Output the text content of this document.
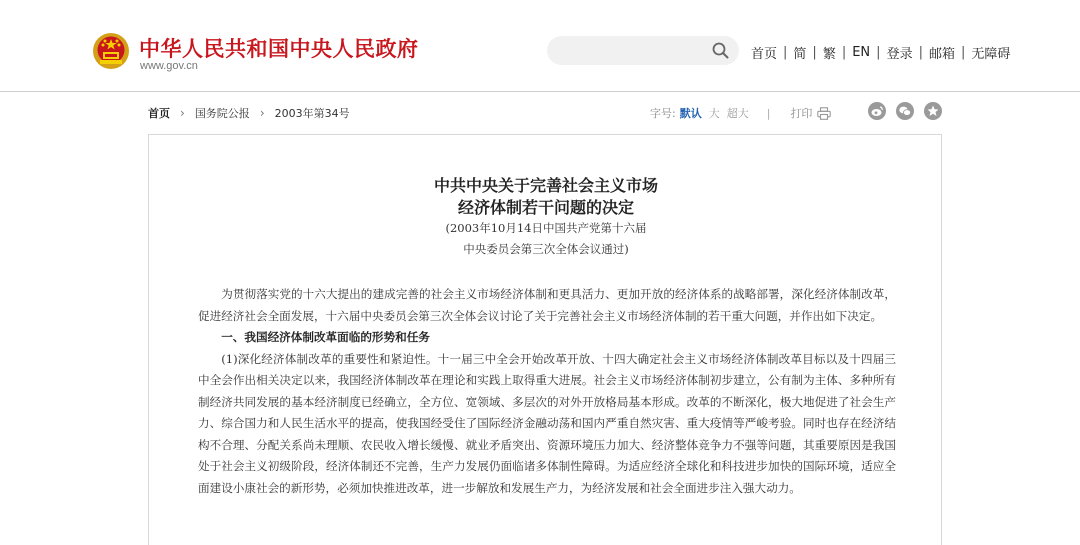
中华人民共和国中央人民政府
www.gov.cn
首页 | 简 | 繁 | EN | 登录 | 邮箱 | 无障碍
首页 › 国务院公报 › 2003年第34号	字号: 默认 大 超大 | 打印
中共中央关于完善社会主义市场
经济体制若干问题的决定
(2003年10月14日中国共产党第十六届
中央委员会第三次全体会议通过)

为贯彻落实党的十六大提出的建成完善的社会主义市场经济体制和更具活力、更加开放的经济体系的战略部署，深化经济体制改革，促进经济社会全面发展，十六届中央委员会第三次全体会议讨论了关于完善社会主义市场经济体制的若干重大问题，并作出如下决定。

一、我国经济体制改革面临的形势和任务

(1)深化经济体制改革的重要性和紧迫性。十一届三中全会开始改革开放、十四大确定社会主义市场经济体制改革目标以及十四届三中全会作出相关决定以来，我国经济体制改革在理论和实践上取得重大进展。社会主义市场经济体制初步建立，公有制为主体、多种所有制经济共同发展的基本经济制度已经确立，全方位、宽领域、多层次的对外开放格局基本形成。改革的不断深化，极大地促进了社会生产力、综合国力和人民生活水平的提高，使我国经受住了国际经济金融动荡和国内严重自然灾害、重大疫情等严峻考验。同时也存在经济结构不合理、分配关系尚未理顺、农民收入增长缓慢、就业矛盾突出、资源环境压力加大、经济整体竞争力不强等问题，其重要原因是我国处于社会主义初级阶段，经济体制还不完善，生产力发展仍面临诸多体制性障碍。为适应经济全球化和科技进步加快的国际环境，适应全面建设小康社会的新形势，必须加快推进改革，进一步解放和发展生产力，为经济发展和社会全面进步注入强大动力。
